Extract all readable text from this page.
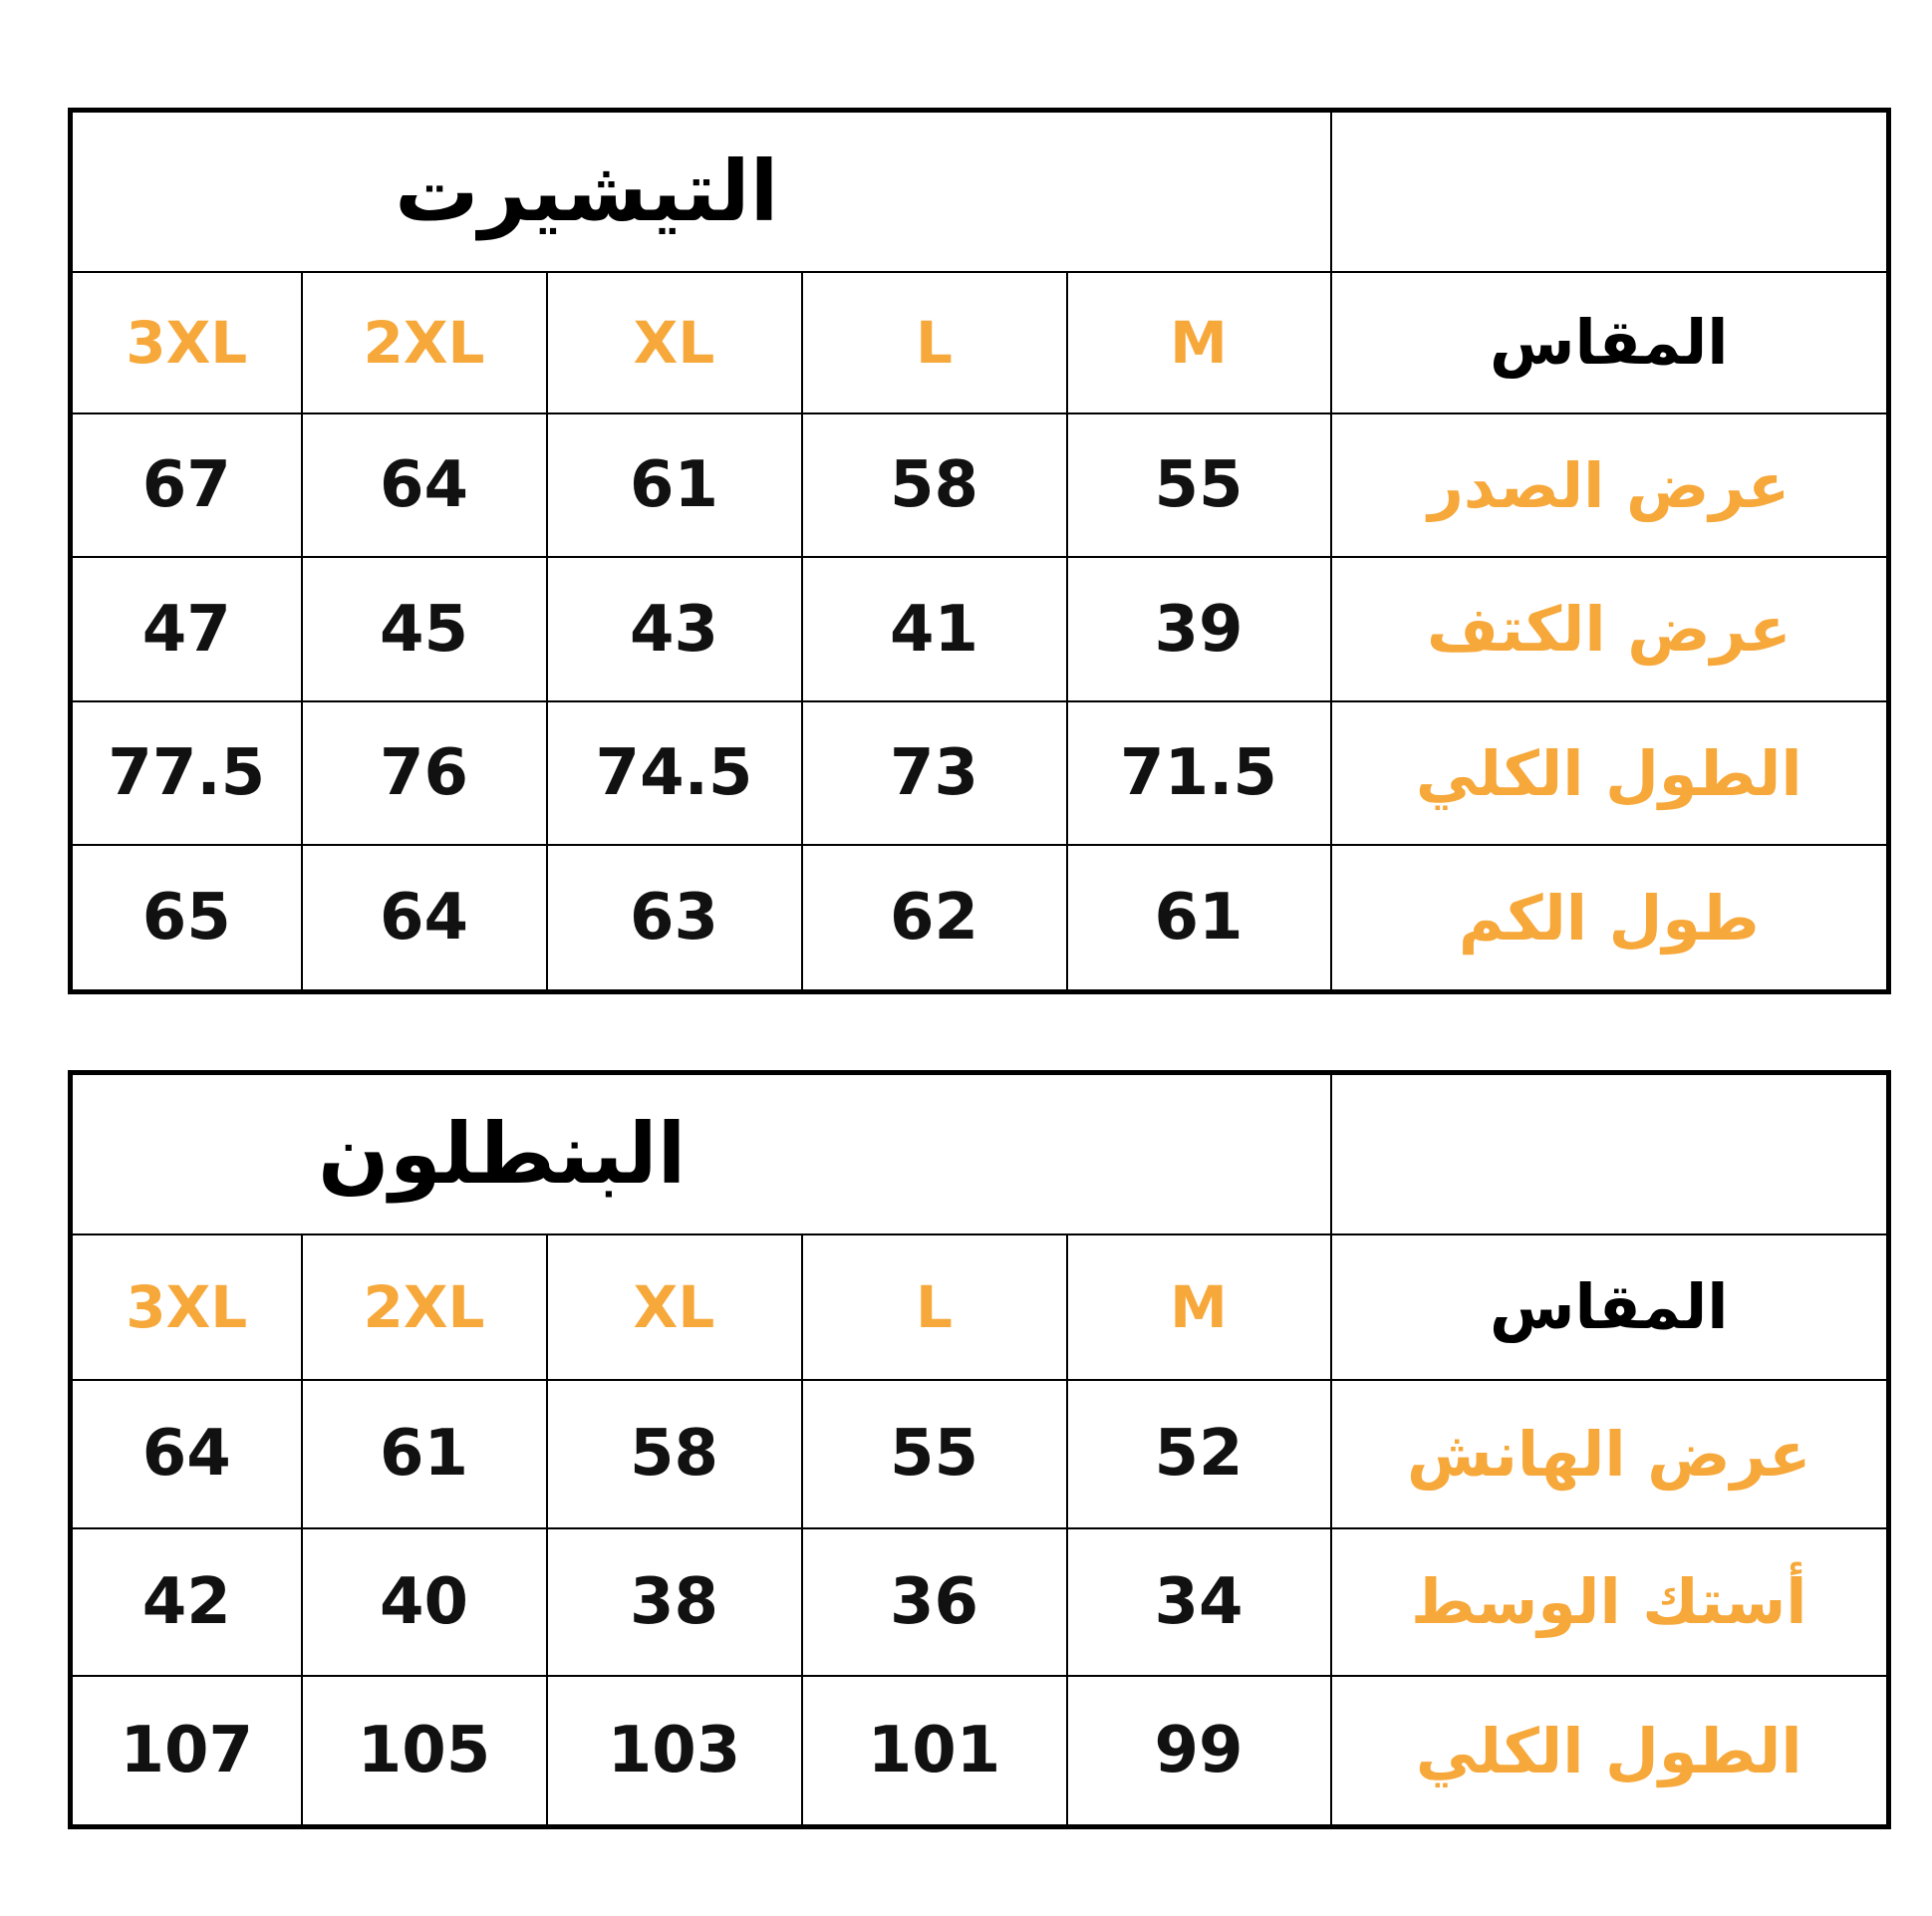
التيشيرت					
3XL	2XL	XL	L	M	المقاس
67	64	61	58	55	عرض الصدر
47	45	43	41	39	عرض الكتف
77.5	76	74.5	73	71.5	الطول الكلي
65	64	63	62	61	طول الكم
البنطلون					
3XL	2XL	XL	L	M	المقاس
64	61	58	55	52	عرض الهانش
42	40	38	36	34	أستك الوسط
107	105	103	101	99	الطول الكلي
